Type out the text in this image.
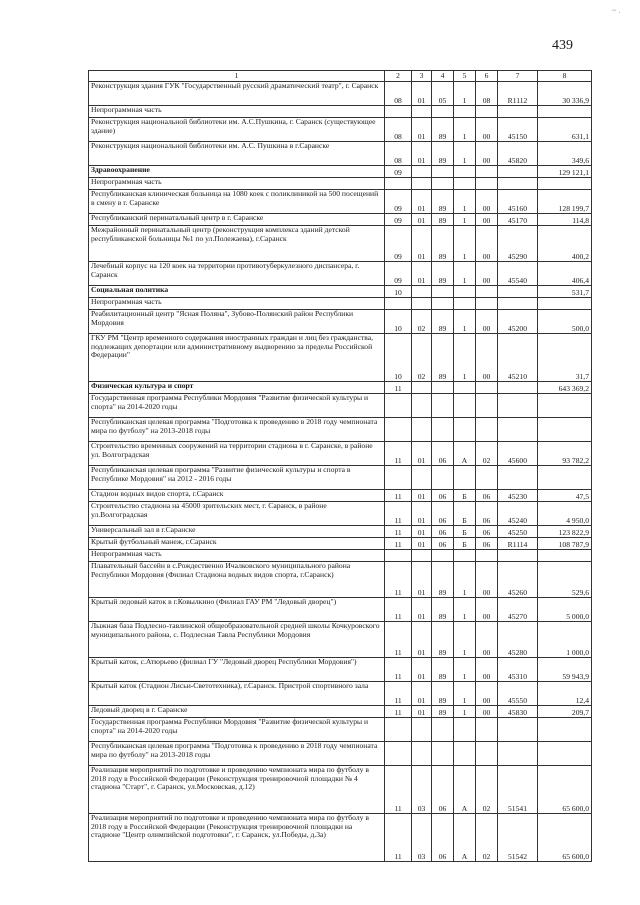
~ .
439
1	2	3	4	5	6	7	8
Реконструкция здания ГУК "Государственный русский драматический театр", г. Саранск	08	01	05	1	08	R1112	30 336,9
Непрограммная часть							
Реконструкция национальной библиотеки им. А.С.Пушкина, г. Саранск (существующее здание)	08	01	89	1	00	45150	631,1
Реконструкция национальной библиотеки им. А.С. Пушкина в г.Саранске	08	01	89	1	00	45820	349,6
Здравоохранение	09						129 121,1
Непрограммная часть							
Республиканская клиническая больница на 1080 коек с поликлиникой на 500 посещений в смену в г. Саранске	09	01	89	1	00	45160	128 199,7
Республиканский перинатальный центр в г. Саранске	09	01	89	1	00	45170	114,8
Межрайонный перинатальный центр (реконструкция комплекса зданий детской республиканской больницы №1 по ул.Полежаева), г.Саранск	09	01	89	1	00	45290	400,2
Лечебный корпус на 120 коек на территории противотуберкулезного диспансера, г. Саранск	09	01	89	1	00	45540	406,4
Социальная политика	10						531,7
Непрограммная часть							
Реабилитационный центр "Ясная Поляна", Зубово-Полянский район Республики Мордовия	10	02	89	1	00	45200	500,0
ГКУ РМ "Центр временного содержания иностранных граждан и лиц без гражданства, подлежащих депортации или административному выдворению за пределы Российской Федерации"	10	02	89	1	00	45210	31,7
Физическая культура и спорт	11						643 369,2
Государственная программа Республики Мордовия "Развитие физической культуры и спорта" на 2014-2020 годы							
Республиканская целевая программа "Подготовка к проведению в 2018 году чемпионата мира по футболу" на 2013-2018 годы							
Строительство временных сооружений на территории стадиона в г. Саранске, в районе ул. Волгоградская	11	01	06	А	02	45600	93 782,2
Республиканская целевая программа "Развитие физической культуры и спорта в Республике Мордовия" на 2012 - 2016 годы							
Стадион водных видов спорта, г.Саранск	11	01	06	Б	06	45230	47,5
Строительство стадиона на 45000 зрительских мест, г. Саранск, в районе ул.Волгоградская	11	01	06	Б	06	45240	4 950,0
Универсальный зал в г.Саранске	11	01	06	Б	06	45250	123 822,9
Крытый футбольный манеж, г.Саранск	11	01	06	Б	06	R1114	108 787,9
Непрограммная часть							
Плавательный бассейн в с.Рождественно Ичалковского муниципального района Республики Мордовия (Филиал Стадиона водных видов спорта, г.Саранск)	11	01	89	1	00	45260	529,6
Крытый ледовый каток в г.Ковылкино (Филиал ГАУ РМ "Ледовый дворец")	11	01	89	1	00	45270	5 000,0
Лыжная база Подлесно-тавлинской общеобразовательной средней школы Кочкуровского муниципального района, с. Подлесная Тавла Республики Мордовия	11	01	89	1	00	45280	1 000,0
Крытый каток, с.Атюрьево (филиал ГУ "Ледовый дворец Республики Мордовия")	11	01	89	1	00	45310	59 943,9
Крытый каток (Стадион Лисьи-Светотехника), г.Саранск. Пристрой спортивного зала	11	01	89	1	00	45550	12,4
Ледовый дворец в г. Саранске	11	01	89	1	00	45830	209,7
Государственная программа Республики Мордовия "Развитие физической культуры и спорта" на 2014-2020 годы							
Республиканская целевая программа "Подготовка к проведению в 2018 году чемпионата мира по футболу" на 2013-2018 годы							
Реализация мероприятий по подготовке и проведению чемпионата мира по футболу в 2018 году в Российской Федерации (Реконструкция тренировочной площадки № 4 стадиона "Старт", г. Саранск, ул.Московская, д.12)	11	03	06	А	02	51541	65 600,0
Реализация мероприятий по подготовке и проведению чемпионата мира по футболу в 2018 году в Российской Федерации (Реконструкция тренировочной площадки на стадионе "Центр олимпийской подготовки", г. Саранск, ул.Победы, д.3а)	11	03	06	А	02	51542	65 600,0
